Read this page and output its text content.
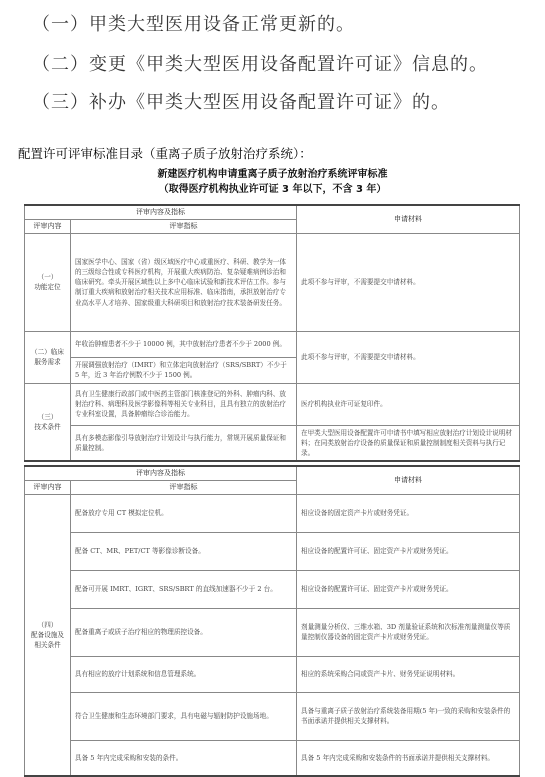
（一）甲类大型医用设备正常更新的。
（二）变更《甲类大型医用设备配置许可证》信息的。
（三）补办《甲类大型医用设备配置许可证》的。
配置许可评审标准目录（重离子质子放射治疗系统）：
新建医疗机构申请重离子质子放射治疗系统评审标准
（取得医疗机构执业许可证 3 年以下，不含 3 年）
评审内容及指标		申请材料
评审内容	评审指标	
（一）
功能定位	国家医学中心、国家（省）级区域医疗中心或重医疗、科研、教学为一体的三级综合性或专科医疗机构，开展重大疾病防治、复杂疑难病例诊治和临床研究。牵头开展区域性以上多中心临床试验和新技术评估工作。参与制订重大疾病和放射治疗相关技术应用标准、临床指南，承担放射治疗专业高水平人才培养、国家级重大科研项目和放射治疗技术装备研发任务。	此项不参与评审，不需要提交申请材料。
（二）临床
服务需求	年收治肿瘤患者不少于 10000 例，其中放射治疗患者不少于 2000 例。	此项不参与评审，不需要提交申请材料。
	开展调强放射治疗（IMRT）和立体定向放射治疗（SRS/SBRT）不少于 5 年，近 3 年治疗例数不少于 1500 例。	
（三）
技术条件	具有卫生健康行政部门或中医药主管部门核准登记的外科、肿瘤内科、放射治疗科、病理科及医学影像科等相关专业科目，且具有独立的放射治疗专业科室设置，具备肿瘤综合诊治能力。	医疗机构执业许可证复印件。
	具有多模态影像引导放射治疗计划设计与执行能力，常规开展质量保证和质量控制。	在甲类大型医用设备配置许可申请书中填写相应放射治疗计划设计说明材料；在同类放射治疗设备的质量保证和质量控制制度相关资料与执行记录。
评审内容及指标		申请材料
评审内容	评审指标	
（四）
配备设施及
相关条件	配备放疗专用 CT 模拟定位机。	相应设备的固定资产卡片或财务凭证。
	配备 CT、MR、PET/CT 等影像诊断设备。	相应设备的配置许可证、固定资产卡片或财务凭证。
	配备可开展 IMRT、IGRT、SRS/SBRT 的直线加速器不少于 2 台。	相应设备的配置许可证、固定资产卡片或财务凭证。
	配备重离子或质子治疗相应的物理质控设备。	剂量测量分析仪、三维水箱、3D 剂量验证系统和次标准剂量测量仪等质量控制仪器设备的固定资产卡片或财务凭证。
	具有相应的放疗计划系统和信息管理系统。	相应的系统采购合同或资产卡片、财务凭证说明材料。
	符合卫生健康和生态环境部门要求，具有电磁与辐射防护设施场地。	具备与重离子质子放射治疗系统装备用期(5 年)一致的采购和安装条件的书面承诺并提供相关支撑材料。
	具备 5 年内完成采购和安装的条件。	具备 5 年内完成采购和安装条件的书面承诺并提供相关支撑材料。
